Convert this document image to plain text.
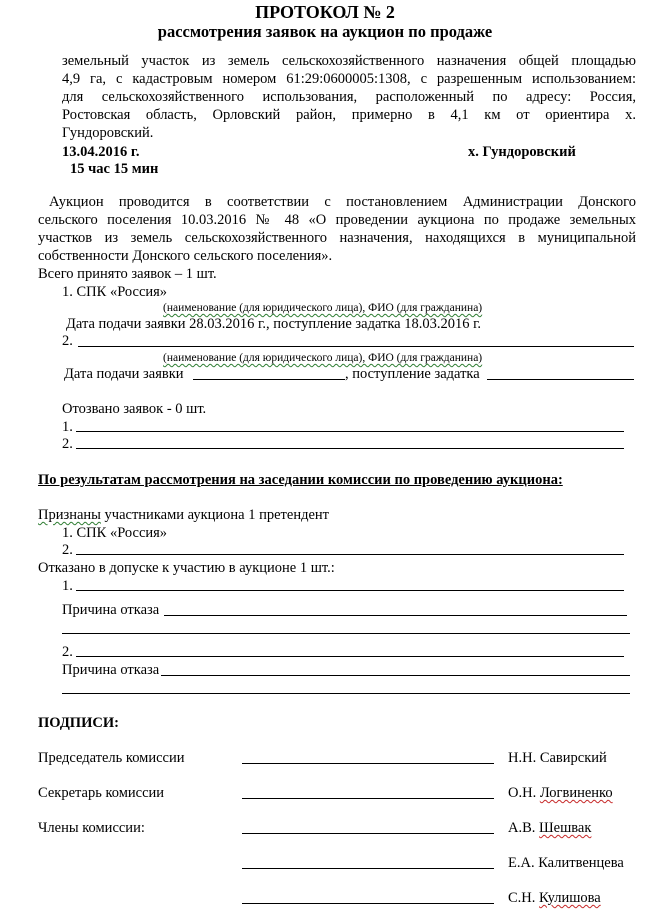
ПРОТОКОЛ № 2
рассмотрения заявок на аукцион по продаже
земельный участок из земель сельскохозяйственного назначения общей площадью
4,9 га, с кадастровым номером 61:29:0600005:1308, с разрешенным использованием:
для сельскохозяйственного использования, расположенный по адресу: Россия,
Ростовская область, Орловский район, примерно в 4,1 км от ориентира х.
Гундоровский.
13.04.2016 г.	х. Гундоровский
15 час 15 мин
Аукцион проводится в соответствии с постановлением Администрации Донского
сельского поселения 10.03.2016 № 48 «О проведении аукциона по продаже земельных
участков из земель сельскохозяйственного назначения, находящихся в муниципальной
собственности Донского сельского поселения».
Всего принято заявок – 1 шт.
1. СПК «Россия»
(наименование (для юридического лица), ФИО (для гражданина)
Дата подачи заявки 28.03.2016 г., поступление задатка 18.03.2016 г.
2.
(наименование (для юридического лица), ФИО (для гражданина)
Дата подачи заявки	, поступление задатка
Отозвано заявок - 0 шт.
1.
2.
По результатам рассмотрения на заседании комиссии по проведению аукциона:
Признаны участниками аукциона 1 претендент
1. СПК «Россия»
2.
Отказано в допуске к участию в аукционе 1 шт.:
1.
Причина отказа
2.
Причина отказа
ПОДПИСИ:
Председатель комиссии	Н.Н. Савирский
Секретарь комиссии	О.Н. Логвиненко
Члены комиссии:	А.В. Шешвак
Е.А. Калитвенцева
С.Н. Кулишова
